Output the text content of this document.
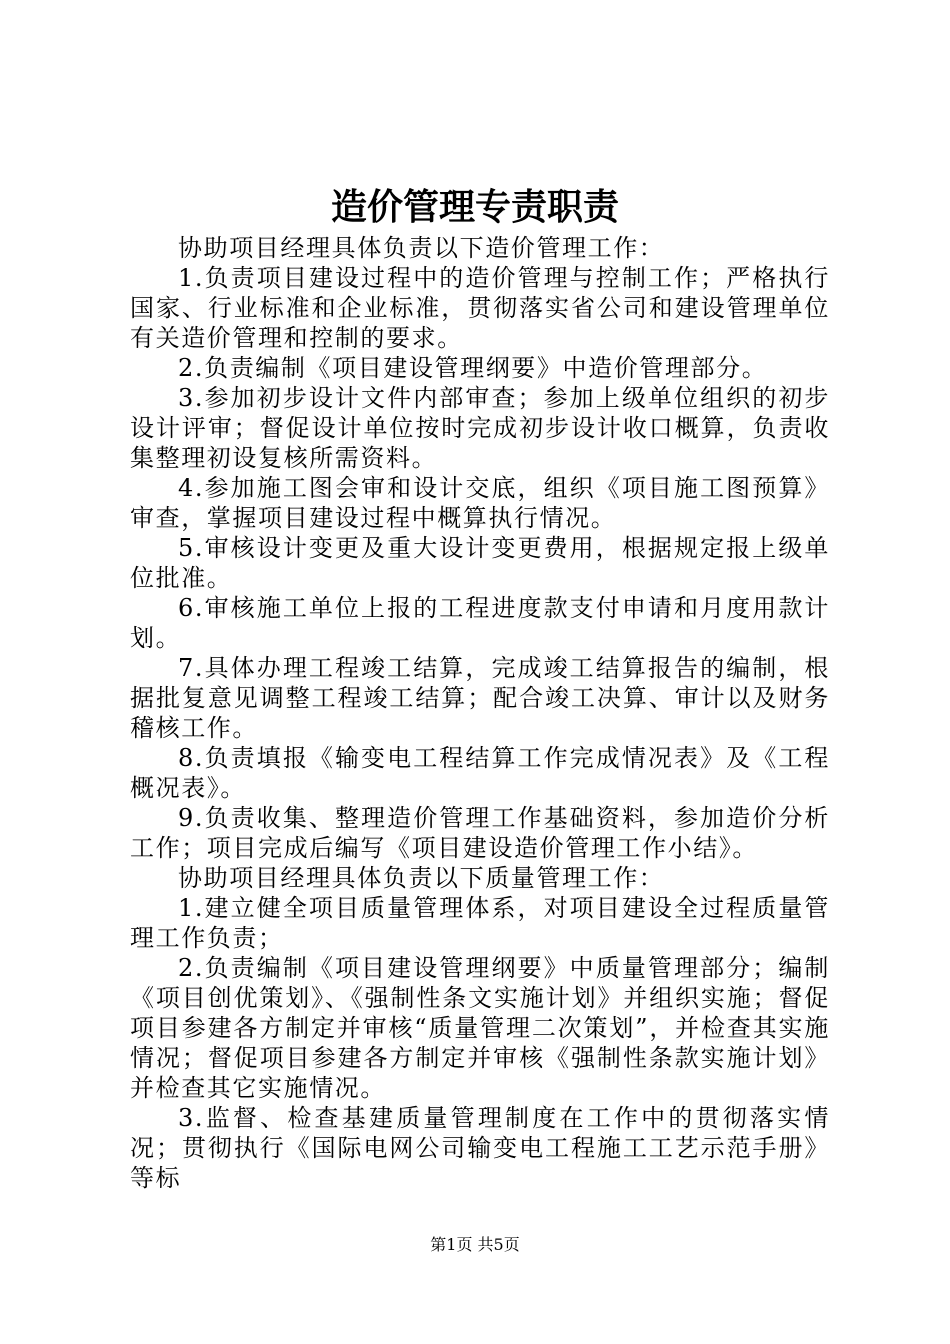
造价管理专责职责

协助项目经理具体负责以下造价管理工作：

1.负责项目建设过程中的造价管理与控制工作；严格执行国家、行业标准和企业标准，贯彻落实省公司和建设管理单位有关造价管理和控制的要求。

2.负责编制《项目建设管理纲要》中造价管理部分。

3.参加初步设计文件内部审查；参加上级单位组织的初步设计评审；督促设计单位按时完成初步设计收口概算，负责收集整理初设复核所需资料。

4.参加施工图会审和设计交底，组织《项目施工图预算》审查，掌握项目建设过程中概算执行情况。

5.审核设计变更及重大设计变更费用，根据规定报上级单位批准。

6.审核施工单位上报的工程进度款支付申请和月度用款计划。

7.具体办理工程竣工结算，完成竣工结算报告的编制，根据批复意见调整工程竣工结算；配合竣工决算、审计以及财务稽核工作。

8.负责填报《输变电工程结算工作完成情况表》及《工程概况表》。

9.负责收集、整理造价管理工作基础资料，参加造价分析工作；项目完成后编写《项目建设造价管理工作小结》。

协助项目经理具体负责以下质量管理工作：

1.建立健全项目质量管理体系，对项目建设全过程质量管理工作负责；

2.负责编制《项目建设管理纲要》中质量管理部分；编制《项目创优策划》、《强制性条文实施计划》并组织实施；督促项目参建各方制定并审核“质量管理二次策划”，并检查其实施情况；督促项目参建各方制定并审核《强制性条款实施计划》并检查其它实施情况。

3.监督、检查基建质量管理制度在工作中的贯彻落实情况；贯彻执行《国际电网公司输变电工程施工工艺示范手册》等标

第1页 共5页
